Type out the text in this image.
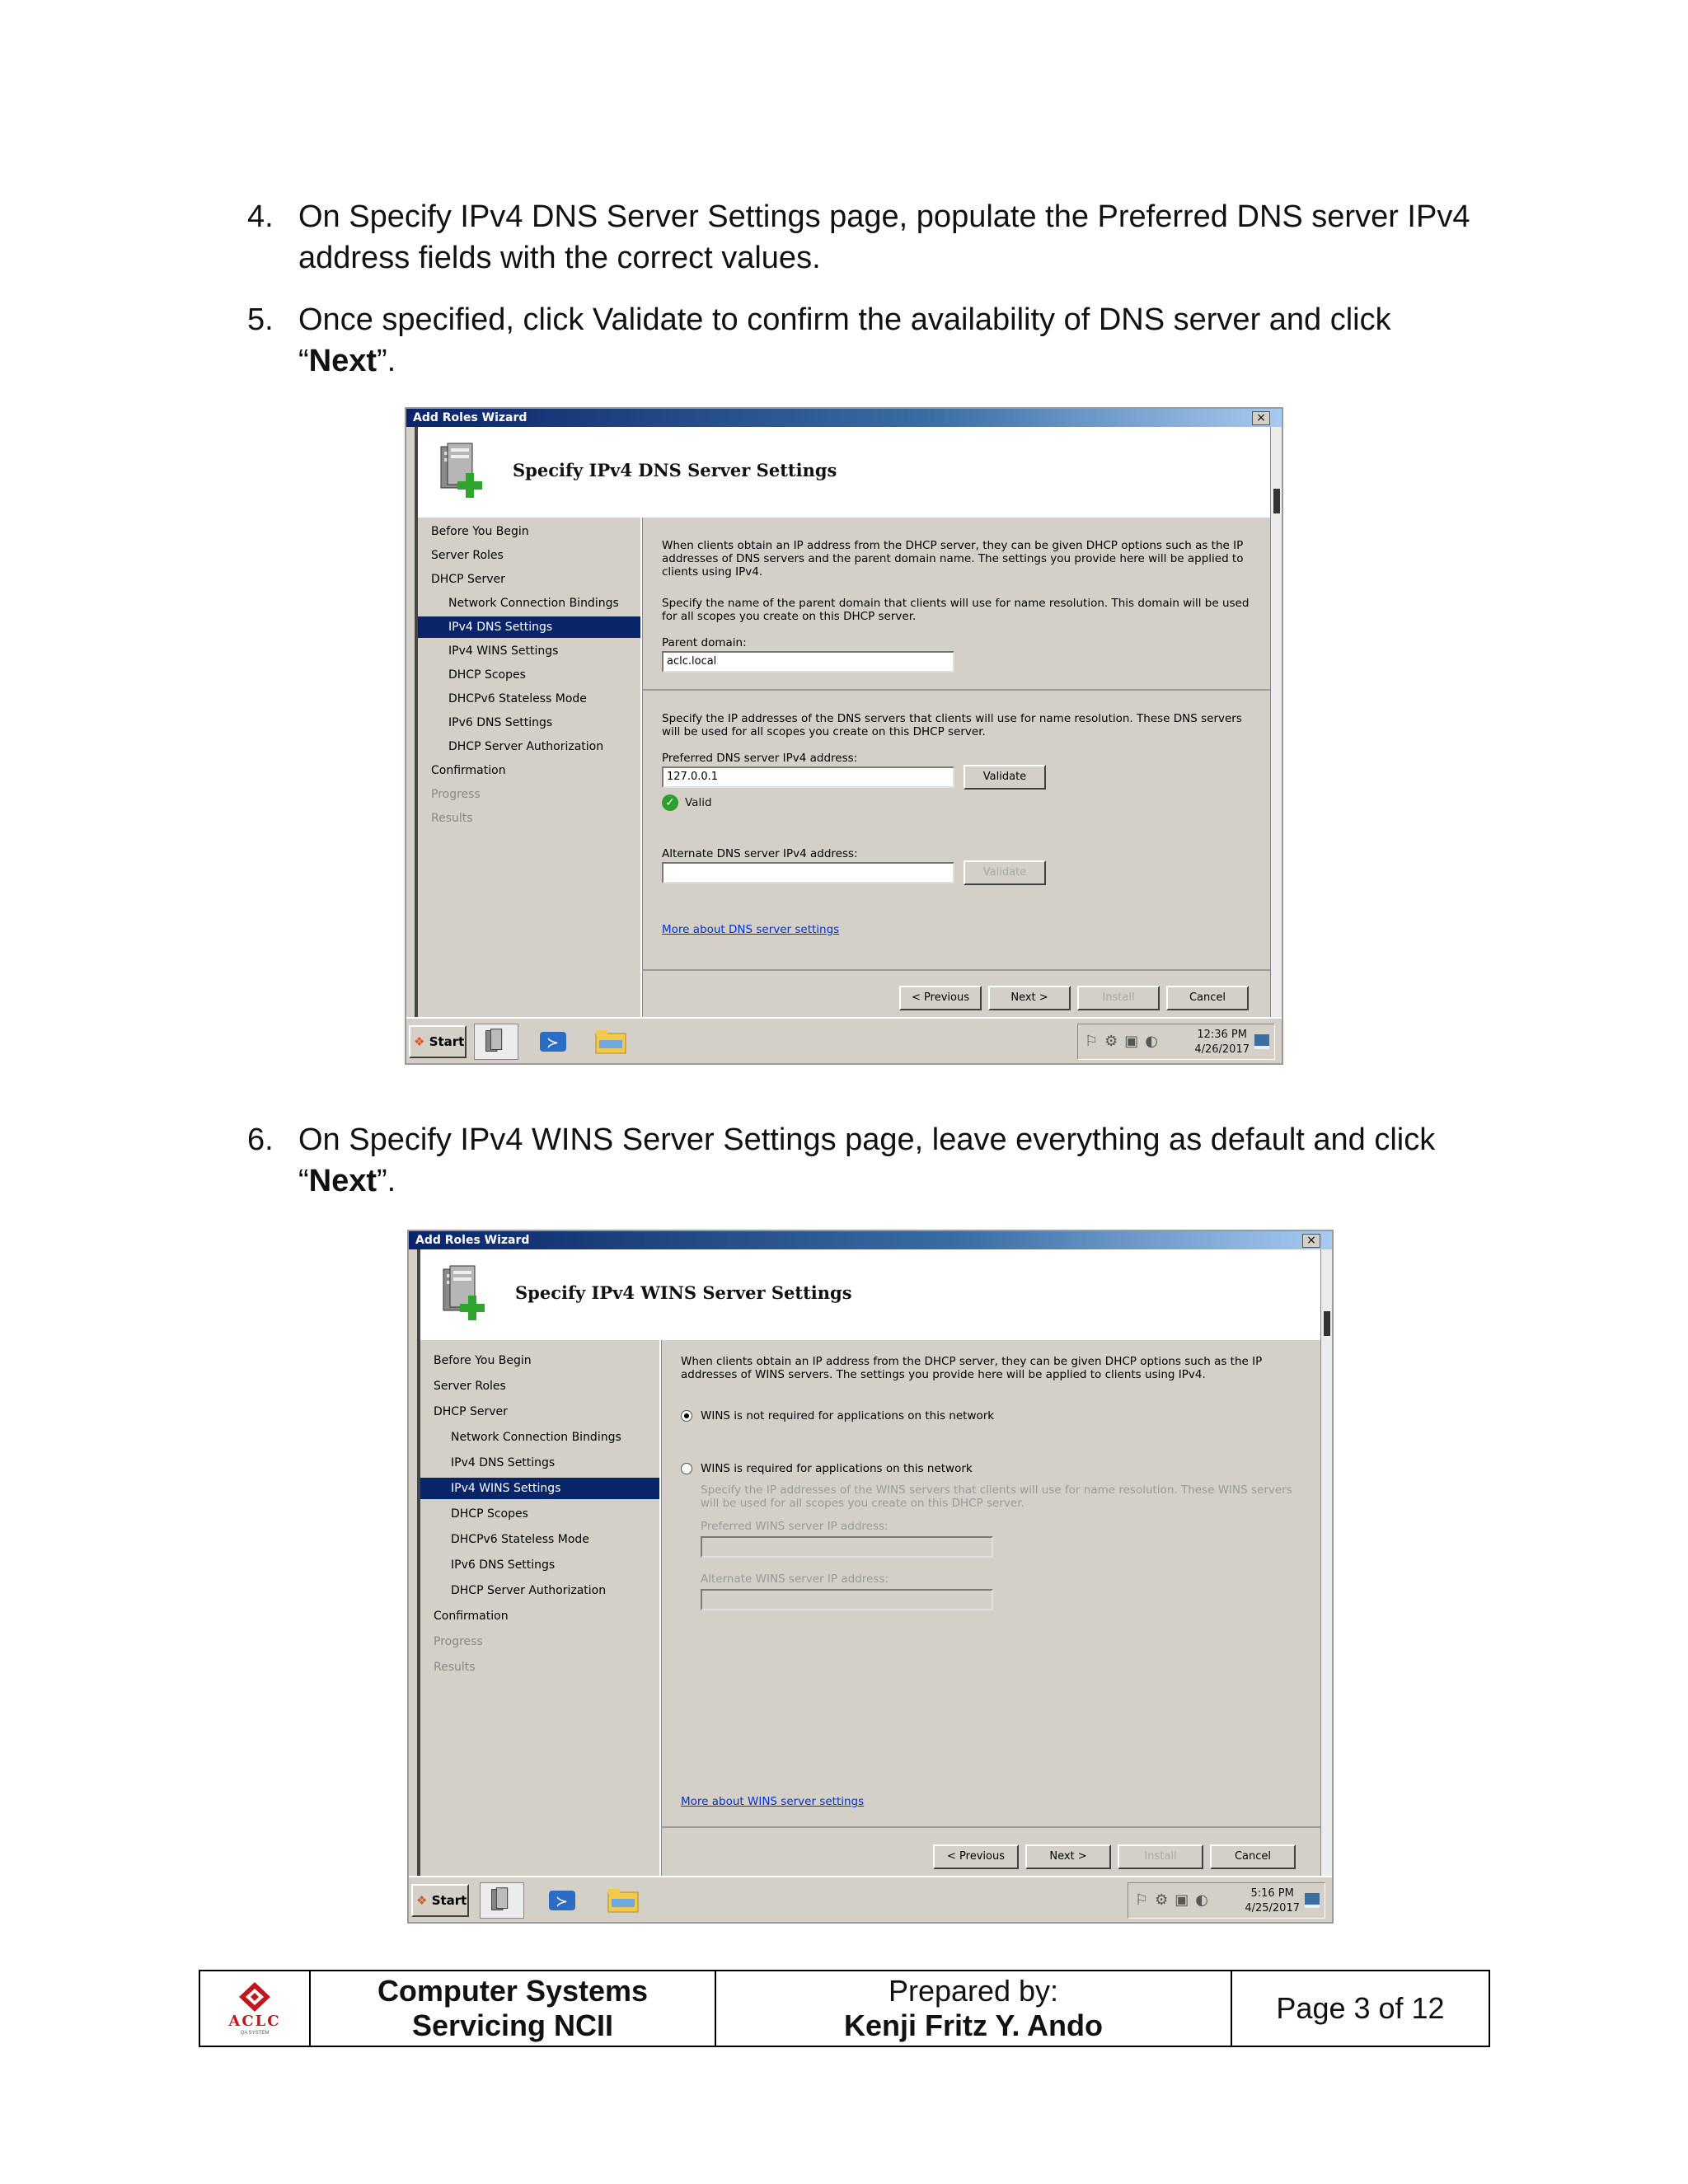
4. On Specify IPv4 DNS Server Settings page, populate the Preferred DNS server IPv4 address fields with the correct values.
5. Once specified, click Validate to confirm the availability of DNS server and click “Next”.
6. On Specify IPv4 WINS Server Settings page, leave everything as default and click “Next”.
Add Roles Wizard	×
Specify IPv4 DNS Server Settings
Before You Begin
Server Roles
DHCP Server
Network Connection Bindings
IPv4 DNS Settings
IPv4 WINS Settings
DHCP Scopes
DHCPv6 Stateless Mode
IPv6 DNS Settings
DHCP Server Authorization
Confirmation
Progress
Results
When clients obtain an IP address from the DHCP server, they can be given DHCP options such as the IP addresses of DNS servers and the parent domain name. The settings you provide here will be applied to clients using IPv4.
Specify the name of the parent domain that clients will use for name resolution. This domain will be used for all scopes you create on this DHCP server.
Parent domain:
aclc.local
Specify the IP addresses of the DNS servers that clients will use for name resolution. These DNS servers will be used for all scopes you create on this DHCP server.
Preferred DNS server IPv4 address:
127.0.0.1	Validate
✓ Valid
Alternate DNS server IPv4 address:
Validate
More about DNS server settings
< Previous	Next >	Install	Cancel
❖ Start	≻	⚐⚙▣◐	12:36 PM
4/26/2017
Add Roles Wizard	×
Specify IPv4 WINS Server Settings
Before You Begin
Server Roles
DHCP Server
Network Connection Bindings
IPv4 DNS Settings
IPv4 WINS Settings
DHCP Scopes
DHCPv6 Stateless Mode
IPv6 DNS Settings
DHCP Server Authorization
Confirmation
Progress
Results
When clients obtain an IP address from the DHCP server, they can be given DHCP options such as the IP addresses of WINS servers. The settings you provide here will be applied to clients using IPv4.
WINS is not required for applications on this network
WINS is required for applications on this network
Specify the IP addresses of the WINS servers that clients will use for name resolution. These WINS servers will be used for all scopes you create on this DHCP server.
Preferred WINS server IP address:
Alternate WINS server IP address:
More about WINS server settings
< Previous	Next >	Install	Cancel
❖ Start	≻	⚐⚙▣◐	5:16 PM
4/25/2017
ACLC
QA SYSTEM
Computer Systems
Servicing NCII
Prepared by:
Kenji Fritz Y. Ando
Page 3 of 12
